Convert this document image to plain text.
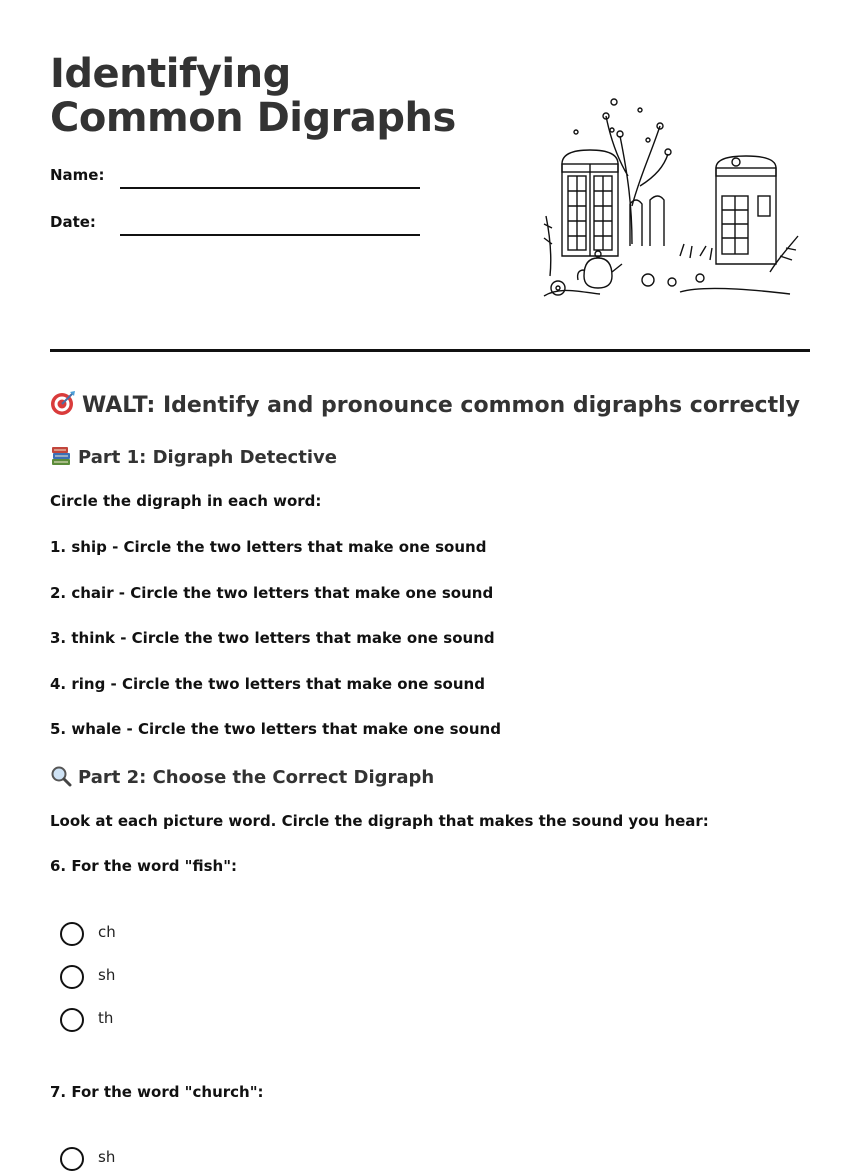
Identifying Common Digraphs
Name:
Date:
WALT: Identify and pronounce common digraphs correctly
Part 1: Digraph Detective
Circle the digraph in each word:
1. ship - Circle the two letters that make one sound
2. chair - Circle the two letters that make one sound
3. think - Circle the two letters that make one sound
4. ring - Circle the two letters that make one sound
5. whale - Circle the two letters that make one sound
Part 2: Choose the Correct Digraph
Look at each picture word. Circle the digraph that makes the sound you hear:
6. For the word "fish":
ch
sh
th
7. For the word "church":
sh
